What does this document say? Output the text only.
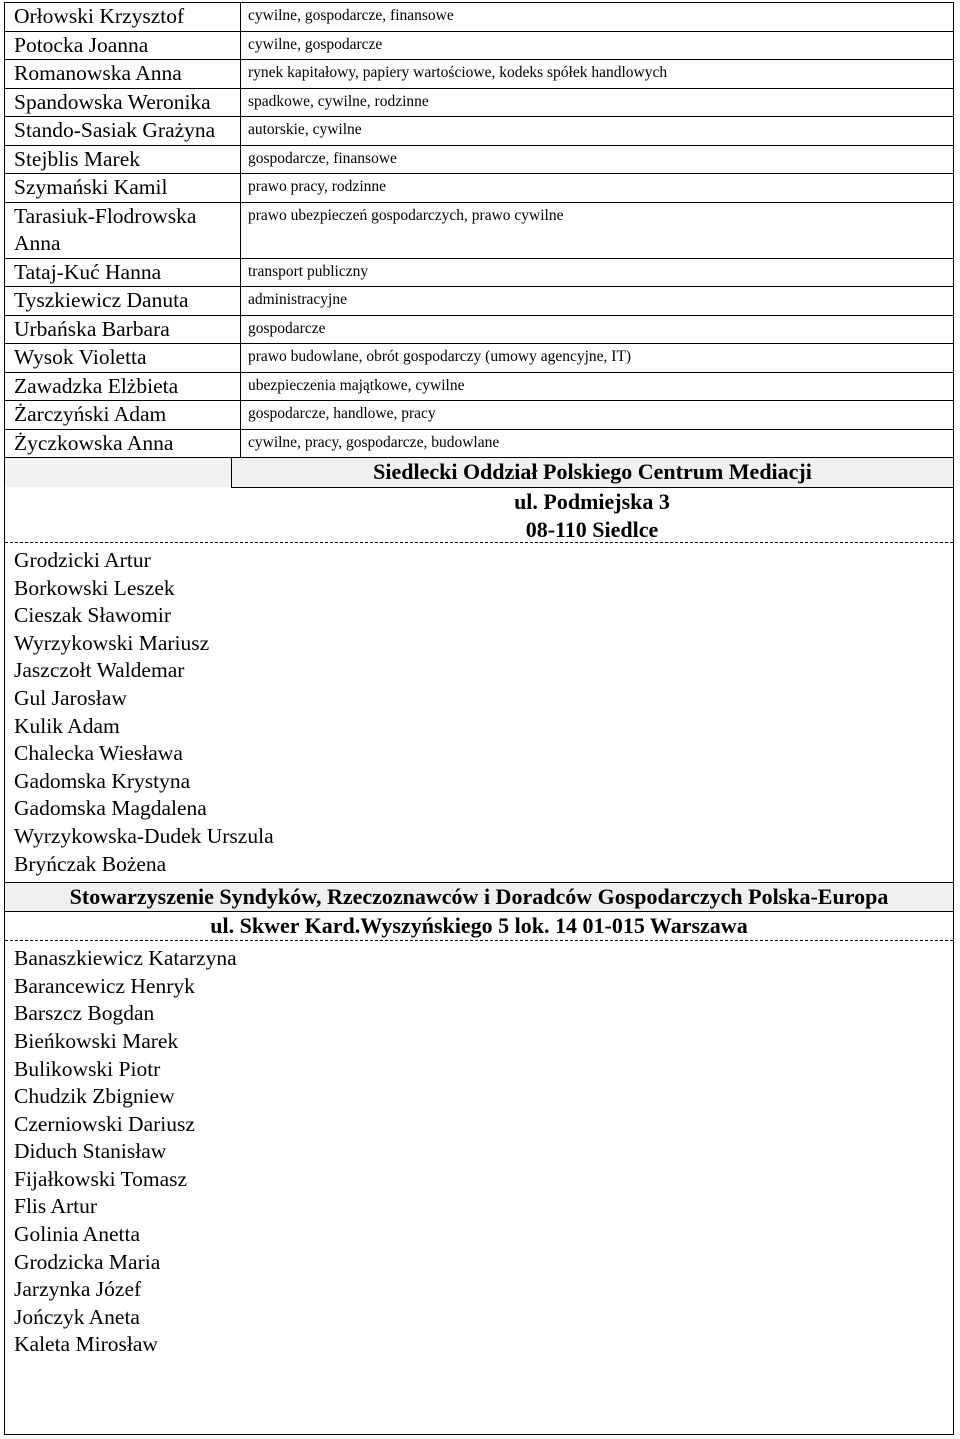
Orłowski Krzysztof	cywilne, gospodarcze, finansowe
Potocka Joanna	cywilne, gospodarcze
Romanowska Anna	rynek kapitałowy, papiery wartościowe, kodeks spółek handlowych
Spandowska Weronika	spadkowe, cywilne, rodzinne
Stando-Sasiak Grażyna	autorskie, cywilne
Stejblis Marek	gospodarcze, finansowe
Szymański Kamil	prawo pracy, rodzinne
Tarasiuk-Flodrowska Anna	prawo ubezpieczeń gospodarczych, prawo cywilne
Tataj-Kuć Hanna	transport publiczny
Tyszkiewicz Danuta	administracyjne
Urbańska Barbara	gospodarcze
Wysok Violetta	prawo budowlane, obrót gospodarczy (umowy agencyjne, IT)
Zawadzka Elżbieta	ubezpieczenia majątkowe, cywilne
Żarczyński Adam	gospodarcze, handlowe, pracy
Życzkowska Anna	cywilne, pracy, gospodarcze, budowlane
Siedlecki Oddział Polskiego Centrum Mediacji
ul. Podmiejska 3
08-110 Siedlce
Grodzicki Artur
Borkowski Leszek
Cieszak Sławomir
Wyrzykowski Mariusz
Jaszczołt Waldemar
Gul Jarosław
Kulik Adam
Chalecka Wiesława
Gadomska Krystyna
Gadomska Magdalena
Wyrzykowska-Dudek Urszula
Bryńczak Bożena
Stowarzyszenie Syndyków, Rzeczoznawców i Doradców Gospodarczych Polska-Europa
ul. Skwer Kard.Wyszyńskiego 5 lok. 14 01-015 Warszawa
Banaszkiewicz Katarzyna
Barancewicz Henryk
Barszcz Bogdan
Bieńkowski Marek
Bulikowski Piotr
Chudzik Zbigniew
Czerniowski Dariusz
Diduch Stanisław
Fijałkowski Tomasz
Flis Artur
Golinia Anetta
Grodzicka Maria
Jarzynka Józef
Jończyk Aneta
Kaleta Mirosław
